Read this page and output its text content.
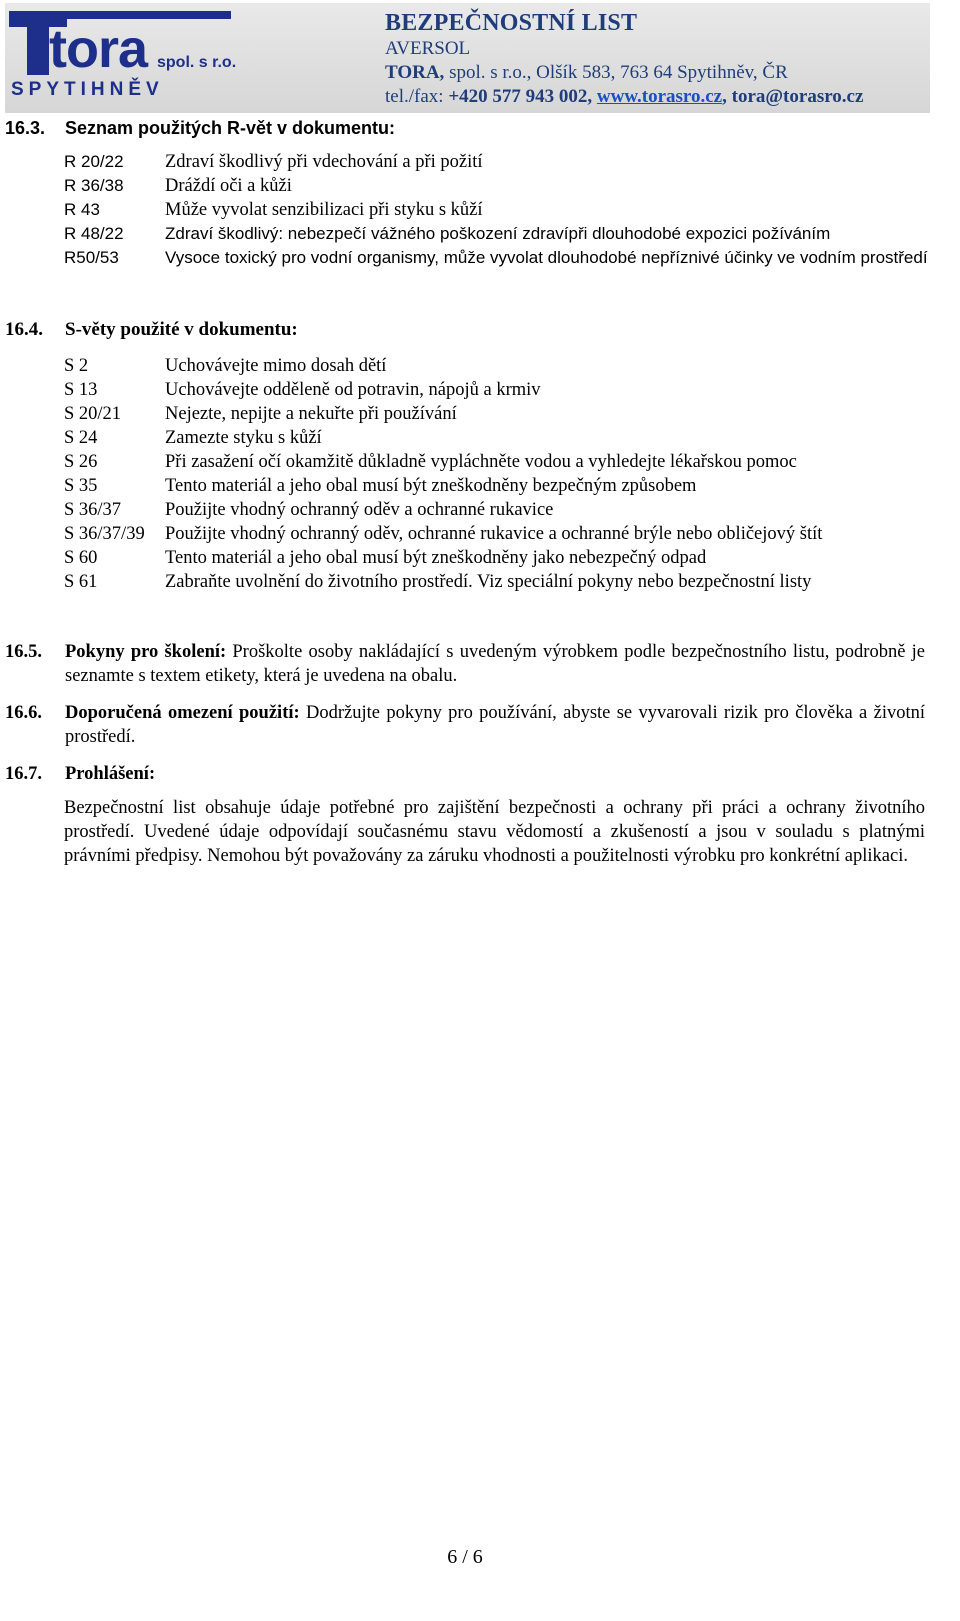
tora spol. s r.o.
SPYTIHNĚV
BEZPEČNOSTNÍ LIST
AVERSOL
TORA, spol. s r.o., Olšík 583, 763 64 Spytihněv, ČR
tel./fax: +420 577 943 002, www.torasro.cz, tora@torasro.cz
16.3. Seznam použitých R-vět v dokumentu:
R 20/22	Zdraví škodlivý při vdechování a při požití
R 36/38	Dráždí oči a kůži
R 43	Může vyvolat senzibilizaci při styku s kůží
R 48/22	Zdraví škodlivý: nebezpečí vážného poškození zdravípři dlouhodobé expozici požíváním
R50/53	Vysoce toxický pro vodní organismy, může vyvolat dlouhodobé nepříznivé účinky ve vodním prostředí
16.4. S-věty použité v dokumentu:
S 2	Uchovávejte mimo dosah dětí
S 13	Uchovávejte odděleně od potravin, nápojů a krmiv
S 20/21	Nejezte, nepijte a nekuřte při používání
S 24	Zamezte styku s kůží
S 26	Při zasažení očí okamžitě důkladně vypláchněte vodou a vyhledejte lékařskou pomoc
S 35	Tento materiál a jeho obal musí být zneškodněny bezpečným způsobem
S 36/37	Použijte vhodný ochranný oděv a ochranné rukavice
S 36/37/39	Použijte vhodný ochranný oděv, ochranné rukavice a ochranné brýle nebo obličejový štít
S 60	Tento materiál a jeho obal musí být zneškodněny jako nebezpečný odpad
S 61	Zabraňte uvolnění do životního prostředí. Viz speciální pokyny nebo bezpečnostní listy
16.5.	Pokyny pro školení: Proškolte osoby nakládající s uvedeným výrobkem podle bezpečnostního listu, podrobně je seznamte s textem etikety, která je uvedena na obalu.
16.6.	Doporučená omezení použití: Dodržujte pokyny pro používání, abyste se vyvarovali rizik pro člověka a životní prostředí.
16.7. Prohlášení:
Bezpečnostní list obsahuje údaje potřebné pro zajištění bezpečnosti a ochrany při práci a ochrany životního prostředí. Uvedené údaje odpovídají současnému stavu vědomostí a zkušeností a jsou v souladu s platnými právními předpisy. Nemohou být považovány za záruku vhodnosti a použitelnosti výrobku pro konkrétní aplikaci.
6 / 6
